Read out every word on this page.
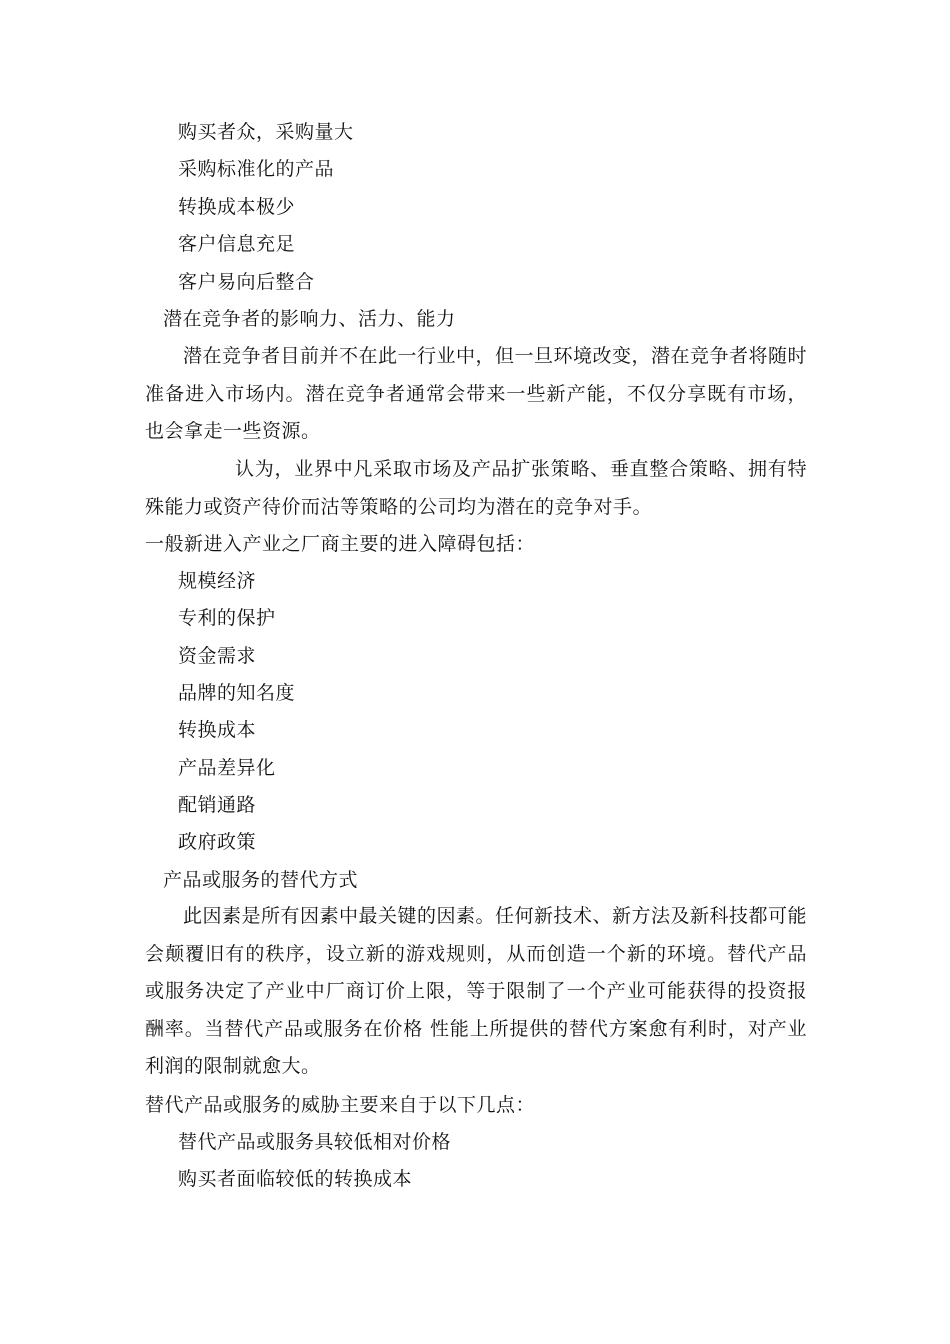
购买者众，采购量大
采购标准化的产品
转换成本极少
客户信息充足
客户易向后整合
潜在竞争者的影响力、活力、能力
潜在竞争者目前并不在此一行业中，但一旦环境改变，潜在竞争者将随时准备进入市场内。潜在竞争者通常会带来一些新产能，不仅分享既有市场，也会拿走一些资源。
认为，业界中凡采取市场及产品扩张策略、垂直整合策略、拥有特殊能力或资产待价而沽等策略的公司均为潜在的竞争对手。
一般新进入产业之厂商主要的进入障碍包括：
规模经济
专利的保护
资金需求
品牌的知名度
转换成本
产品差异化
配销通路
政府政策
产品或服务的替代方式
此因素是所有因素中最关键的因素。任何新技术、新方法及新科技都可能会颠覆旧有的秩序，设立新的游戏规则，从而创造一个新的环境。替代产品或服务决定了产业中厂商订价上限，等于限制了一个产业可能获得的投资报酬率。当替代产品或服务在价格 性能上所提供的替代方案愈有利时，对产业利润的限制就愈大。
替代产品或服务的威胁主要来自于以下几点：
替代产品或服务具较低相对价格
购买者面临较低的转换成本
